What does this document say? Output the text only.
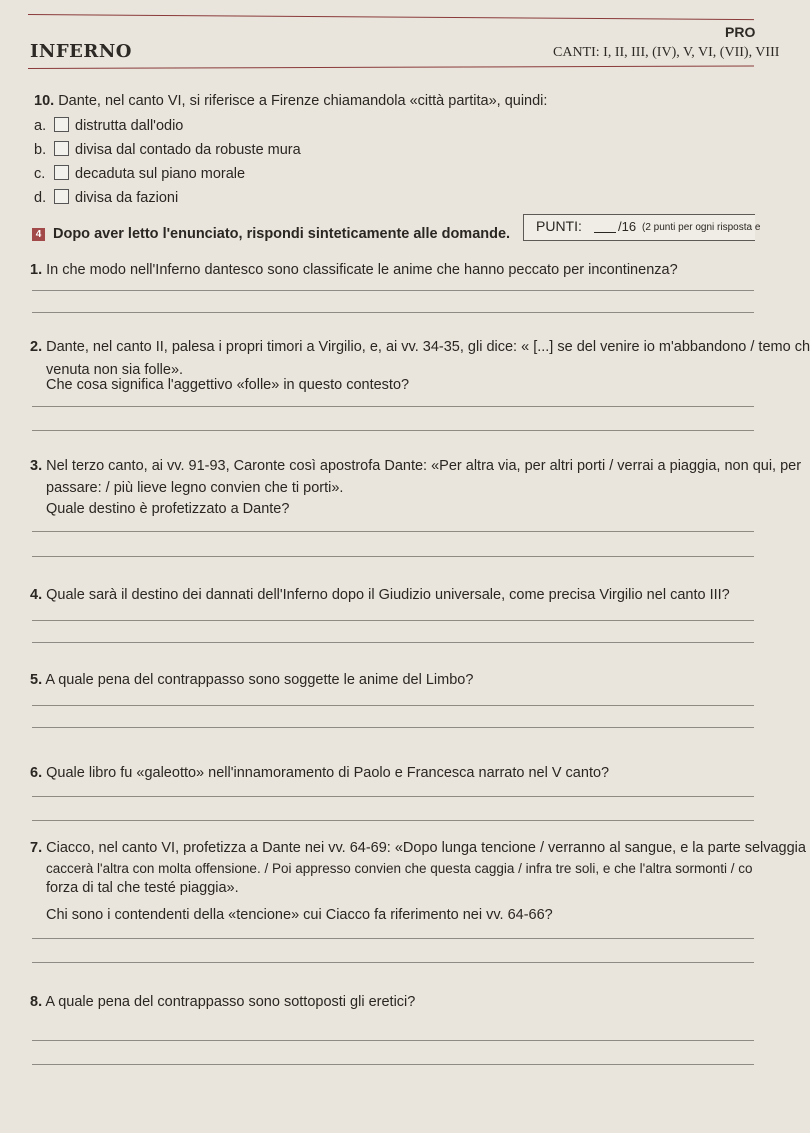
PRO
INFERNO	CANTI: I, II, III, (IV), V, VI, (VII), VIII
10. Dante, nel canto VI, si riferisce a Firenze chiamandola «città partita», quindi:
a. distrutta dall'odio
b. divisa dal contado da robuste mura
c. decaduta sul piano morale
d. divisa da fazioni
4 Dopo aver letto l'enunciato, rispondi sinteticamente alle domande. PUNTI:	/16 (2 punti per ogni risposta e
1. In che modo nell'Inferno dantesco sono classificate le anime che hanno peccato per incontinenza?
2. Dante, nel canto II, palesa i propri timori a Virgilio, e, ai vv. 34-35, gli dice: « [...] se del venire io m'abbandono / temo ch
venuta non sia folle».
Che cosa significa l'aggettivo «folle» in questo contesto?
3. Nel terzo canto, ai vv. 91-93, Caronte così apostrofa Dante: «Per altra via, per altri porti / verrai a piaggia, non qui, per
passare: / più lieve legno convien che ti porti».
Quale destino è profetizzato a Dante?
4. Quale sarà il destino dei dannati dell'Inferno dopo il Giudizio universale, come precisa Virgilio nel canto III?
5. A quale pena del contrappasso sono soggette le anime del Limbo?
6. Quale libro fu «galeotto» nell'innamoramento di Paolo e Francesca narrato nel V canto?
7. Ciacco, nel canto VI, profetizza a Dante nei vv. 64-69: «Dopo lunga tencione / verranno al sangue, e la parte selvaggia
caccerà l'altra con molta offensione. / Poi appresso convien che questa caggia / infra tre soli, e che l'altra sormonti / co
forza di tal che testé piaggia».
Chi sono i contendenti della «tencione» cui Ciacco fa riferimento nei vv. 64-66?
8. A quale pena del contrappasso sono sottoposti gli eretici?
